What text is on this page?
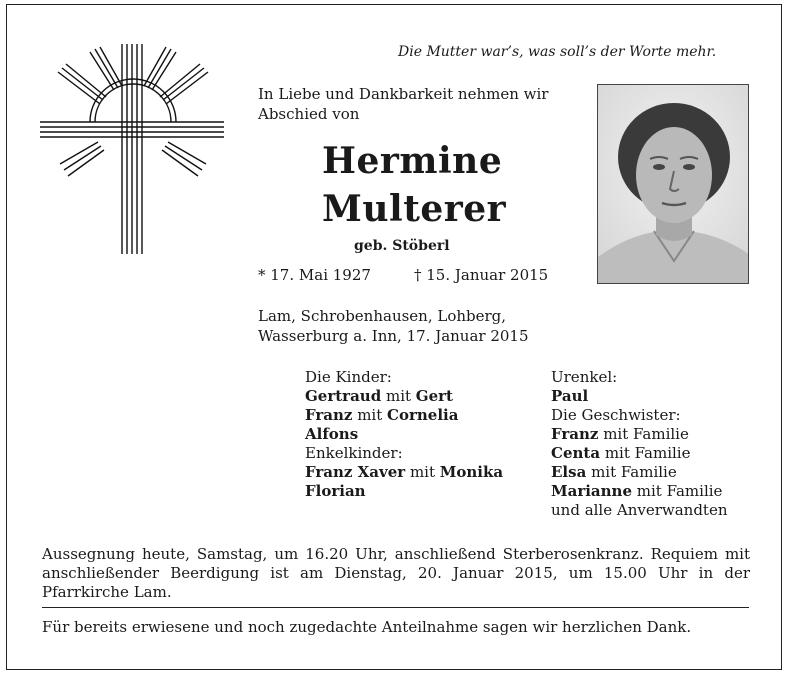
Die Mutter war’s, was soll’s der Worte mehr.
In Liebe und Dankbarkeit nehmen wir Abschied von
Hermine
Multerer
geb. Stöberl
* 17. Mai 1927	† 15. Januar 2015
Lam, Schrobenhausen, Lohberg, Wasserburg a. Inn, 17. Januar 2015
Die Kinder:
Gertraud mit Gert
Franz mit Cornelia
Alfons
Enkelkinder:
Franz Xaver mit Monika
Florian
Urenkel:
Paul
Die Geschwister:
Franz mit Familie
Centa mit Familie
Elsa mit Familie
Marianne mit Familie
und alle Anverwandten
Aussegnung heute, Samstag, um 16.20 Uhr, anschließend Sterberosenkranz. Requiem mit anschließender Beerdigung ist am Dienstag, 20. Januar 2015, um 15.00 Uhr in der Pfarrkirche Lam.
Für bereits erwiesene und noch zugedachte Anteilnahme sagen wir herzlichen Dank.
